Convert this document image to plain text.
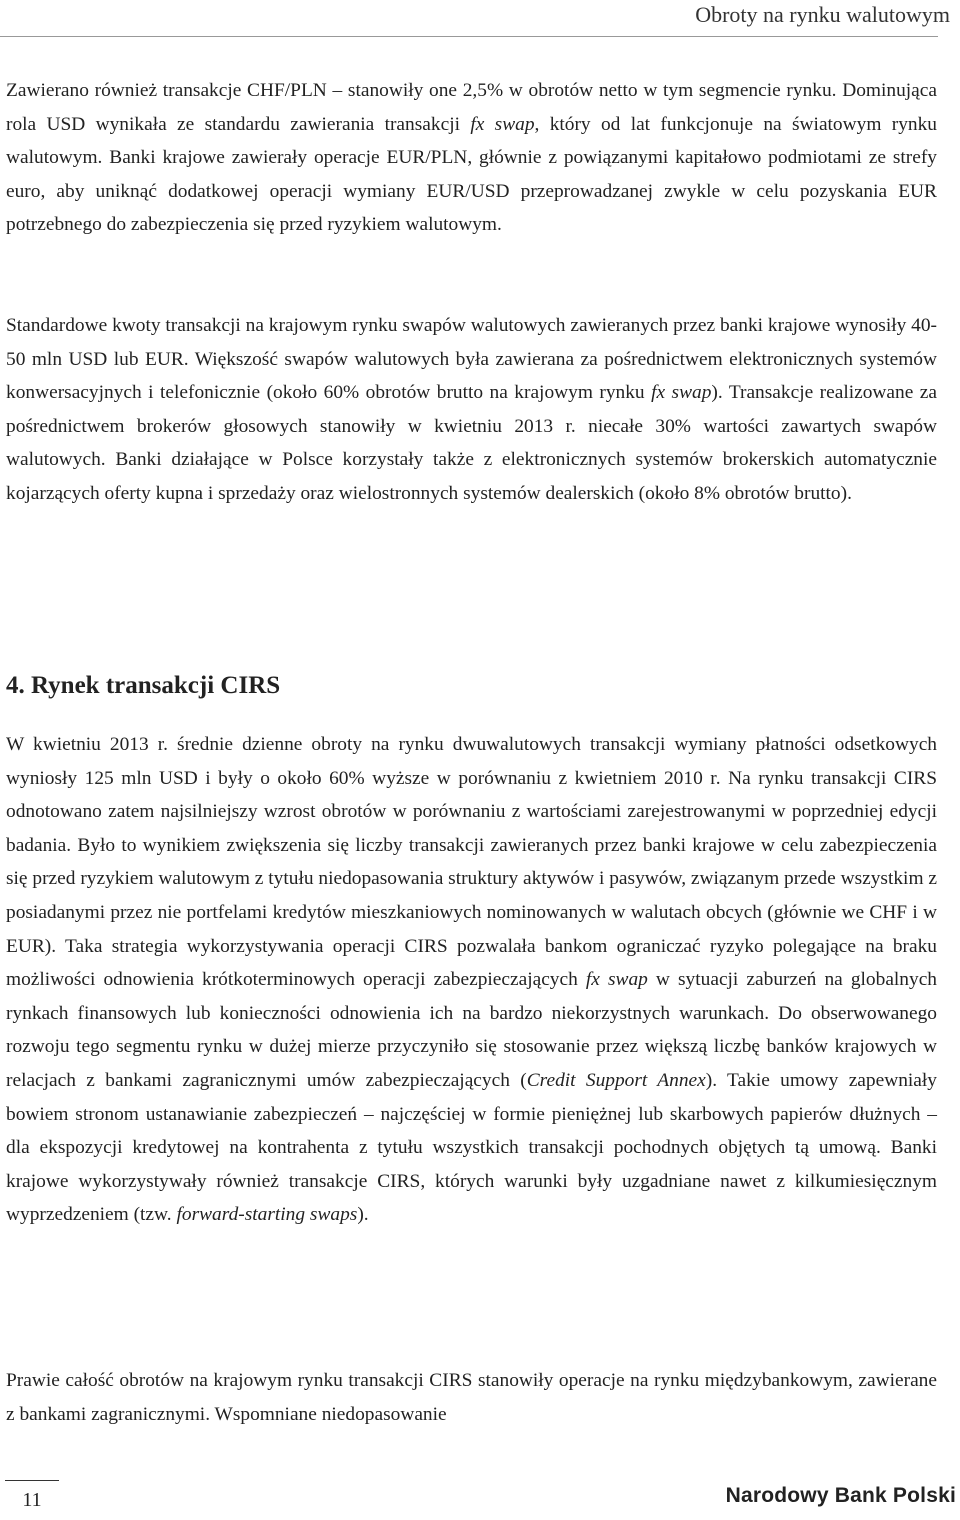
Obroty na rynku walutowym

Zawierano również transakcje CHF/PLN – stanowiły one 2,5% w obrotów netto w tym segmencie rynku. Dominująca rola USD wynikała ze standardu zawierania transakcji fx swap, który od lat funkcjonuje na światowym rynku walutowym. Banki krajowe zawierały operacje EUR/PLN, głównie z powiązanymi kapitałowo podmiotami ze strefy euro, aby uniknąć dodatkowej operacji wymiany EUR/USD przeprowadzanej zwykle w celu pozyskania EUR potrzebnego do zabezpieczenia się przed ryzykiem walutowym.

Standardowe kwoty transakcji na krajowym rynku swapów walutowych zawieranych przez banki krajowe wynosiły 40-50 mln USD lub EUR. Większość swapów walutowych była zawierana za pośrednictwem elektronicznych systemów konwersacyjnych i telefonicznie (około 60% obrotów brutto na krajowym rynku fx swap). Transakcje realizowane za pośrednictwem brokerów głosowych stanowiły w kwietniu 2013 r. niecałe 30% wartości zawartych swapów walutowych. Banki działające w Polsce korzystały także z elektronicznych systemów brokerskich automatycznie kojarzących oferty kupna i sprzedaży oraz wielostronnych systemów dealerskich (około 8% obrotów brutto).

4. Rynek transakcji CIRS

W kwietniu 2013 r. średnie dzienne obroty na rynku dwuwalutowych transakcji wymiany płatności odsetkowych wyniosły 125 mln USD i były o około 60% wyższe w porównaniu z kwietniem 2010 r. Na rynku transakcji CIRS odnotowano zatem najsilniejszy wzrost obrotów w porównaniu z wartościami zarejestrowanymi w poprzedniej edycji badania. Było to wynikiem zwiększenia się liczby transakcji zawieranych przez banki krajowe w celu zabezpieczenia się przed ryzykiem walutowym z tytułu niedopasowania struktury aktywów i pasywów, związanym przede wszystkim z posiadanymi przez nie portfelami kredytów mieszkaniowych nominowanych w walutach obcych (głównie we CHF i w EUR). Taka strategia wykorzystywania operacji CIRS pozwalała bankom ograniczać ryzyko polegające na braku możliwości odnowienia krótkoterminowych operacji zabezpieczających fx swap w sytuacji zaburzeń na globalnych rynkach finansowych lub konieczności odnowienia ich na bardzo niekorzystnych warunkach. Do obserwowanego rozwoju tego segmentu rynku w dużej mierze przyczyniło się stosowanie przez większą liczbę banków krajowych w relacjach z bankami zagranicznymi umów zabezpieczających (Credit Support Annex). Takie umowy zapewniały bowiem stronom ustanawianie zabezpieczeń – najczęściej w formie pieniężnej lub skarbowych papierów dłużnych – dla ekspozycji kredytowej na kontrahenta z tytułu wszystkich transakcji pochodnych objętych tą umową. Banki krajowe wykorzystywały również transakcje CIRS, których warunki były uzgadniane nawet z kilkumiesięcznym wyprzedzeniem (tzw. forward-starting swaps).

Prawie całość obrotów na krajowym rynku transakcji CIRS stanowiły operacje na rynku międzybankowym, zawierane z bankami zagranicznymi. Wspomniane niedopasowanie

11	Narodowy Bank Polski
